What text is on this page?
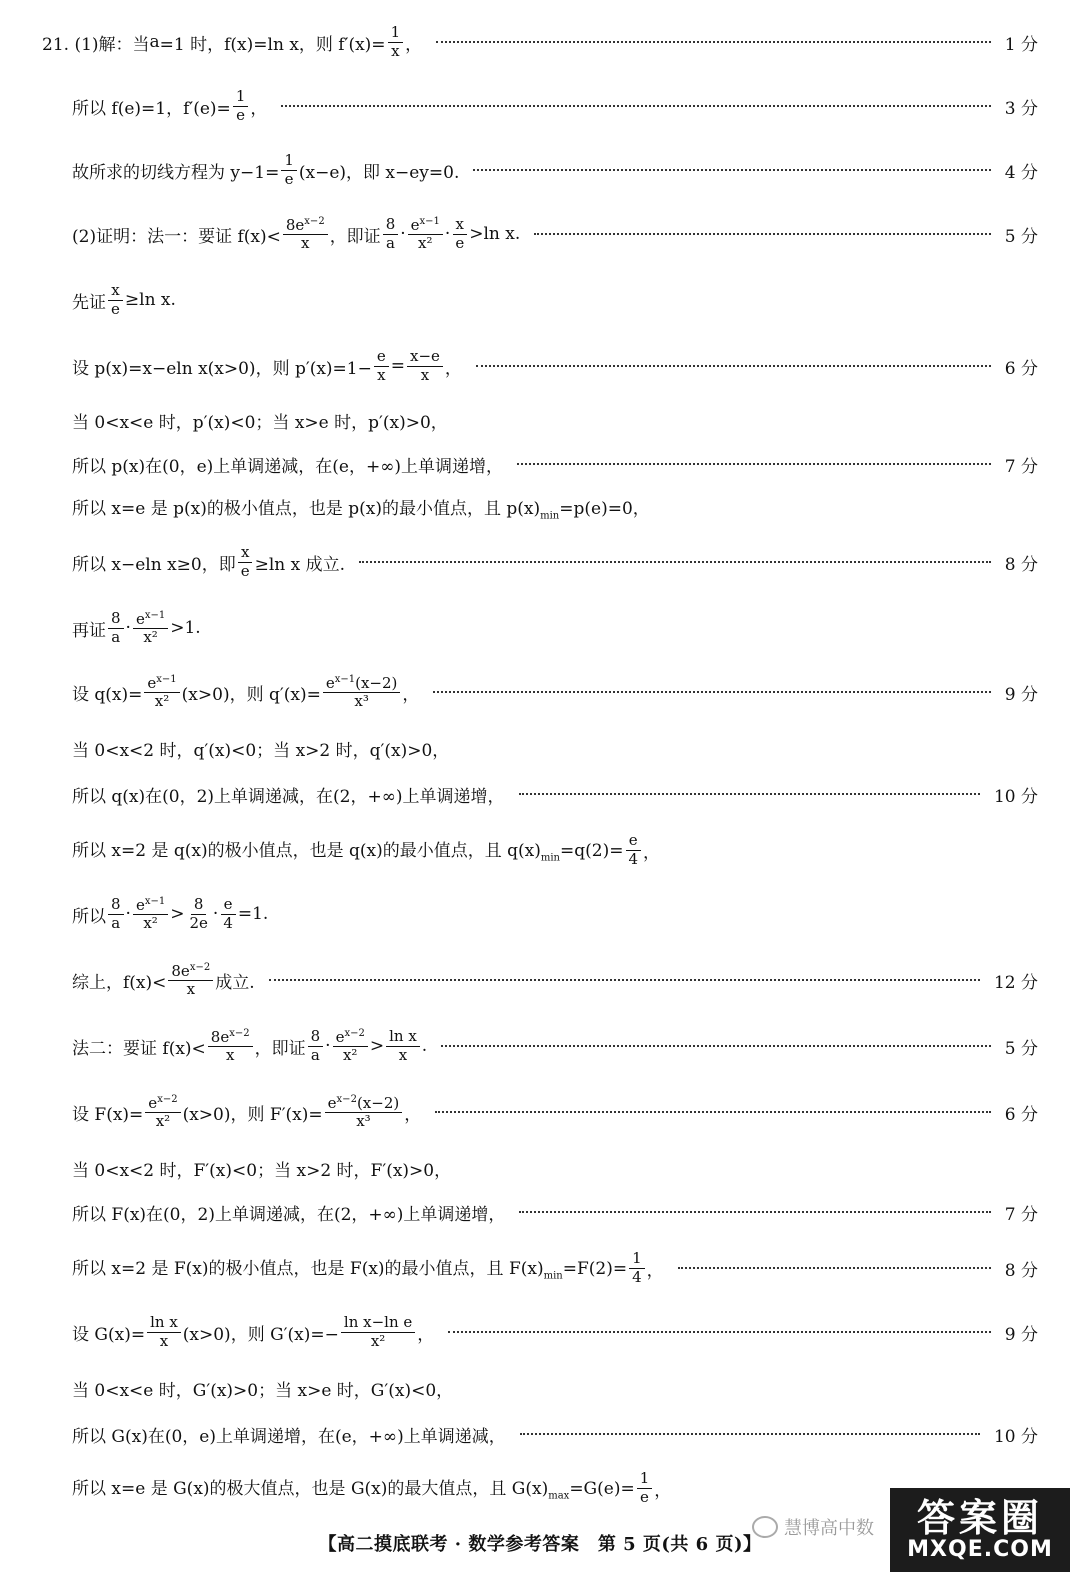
21. (1)解：当 a =1 时，f(x)=ln x，则 $f'(x)= \frac{1}{x}$ ，	1 分
所以 f(e)=1，$f'(e)= \frac{1}{e}$ ，	3 分
故所求的切线方程为 $y-1= \frac{1}{e} (x-e)$，即 x−ey=0.	4 分
(2)证明：法一：要证 $f(x)< \frac{8e^{x-2}}{x}$ ，即证 $\frac{8}{a} \cdot \frac{e^{x-1}}{\text{x²}} \cdot \frac{x}{e} >\ln$ x.	5 分
先证 $\frac{x}{e} \ge\ln$ x.
设 p(x)=x−eln x(x>0)，则 $p'(x)=1- \frac{e}{x} = \frac{x-e}{x}$ ，	6 分
当 0<x<e 时，p′(x)<0；当 x>e 时，p′(x)>0，
所以 p(x)在(0，e)上单调递减，在(e，+∞)上单调递增，	7 分
所以 x=e 是 p(x)的极小值点，也是 p(x)的最小值点，且 $p(x)_{min}=p(e)=0$，
所以 x−eln x≥0，即 $\frac{x}{e} \ge\ln$ x 成立.	8 分
再证 $\frac{8}{a} \cdot \frac{e^{x-1}}{\text{x²}} >1$.
设 $q(x)= \frac{e^{x-1}}{\text{x²}} (x>0)$，则 $q'(x)= \frac{e^{x-1}(x-2)}{\text{x³}}$ ，	9 分
当 0<x<2 时，q′(x)<0；当 x>2 时，q′(x)>0，
所以 q(x)在(0，2)上单调递减，在(2，+∞)上单调递增，	10 分
所以 x=2 是 q(x)的极小值点，也是 q(x)的最小值点，且 $q(x)_{min}=q(2)= \frac{e}{4}$ ，
所以 $\frac{8}{a} \cdot \frac{e^{x-1}}{\text{x²}} > \frac{8}{2e} \cdot \frac{e}{4} =1$.
综上，$f(x)< \frac{8e^{x-2}}{x}$ 成立.	12 分
法二：要证 $f(x)< \frac{8e^{x-2}}{x}$ ，即证 $\frac{8}{a} \cdot \frac{e^{x-2}}{\text{x²}} > \frac{\text{ln x}}{x}$ .	5 分
设 $F(x)= \frac{e^{x-2}}{\text{x²}} (x>0)$，则 $F'(x)= \frac{e^{x-2}(x-2)}{\text{x³}}$ ，	6 分
当 0<x<2 时，F′(x)<0；当 x>2 时，F′(x)>0，
所以 F(x)在(0，2)上单调递减，在(2，+∞)上单调递增，	7 分
所以 x=2 是 F(x)的极小值点，也是 F(x)的最小值点，且 $F(x)_{min}=F(2)= \frac{1}{4}$ ，	8 分
设 $G(x)= \frac{\text{ln x}}{x} (x>0)$，则 $G'(x)=- \frac{\text{ln x−ln e}}{\text{x²}}$ ，	9 分
当 0<x<e 时，G′(x)>0；当 x>e 时，G′(x)<0，
所以 G(x)在(0，e)上单调递增，在(e，+∞)上单调递减，	10 分
所以 x=e 是 G(x)的极大值点，也是 G(x)的最大值点，且 $G(x)_{max}=G(e)= \frac{1}{e}$ ，
【高二摸底联考 · 数学参考答案　第 5 页(共 6 页)】
慧博高中数 答案圈
MXQE.COM
